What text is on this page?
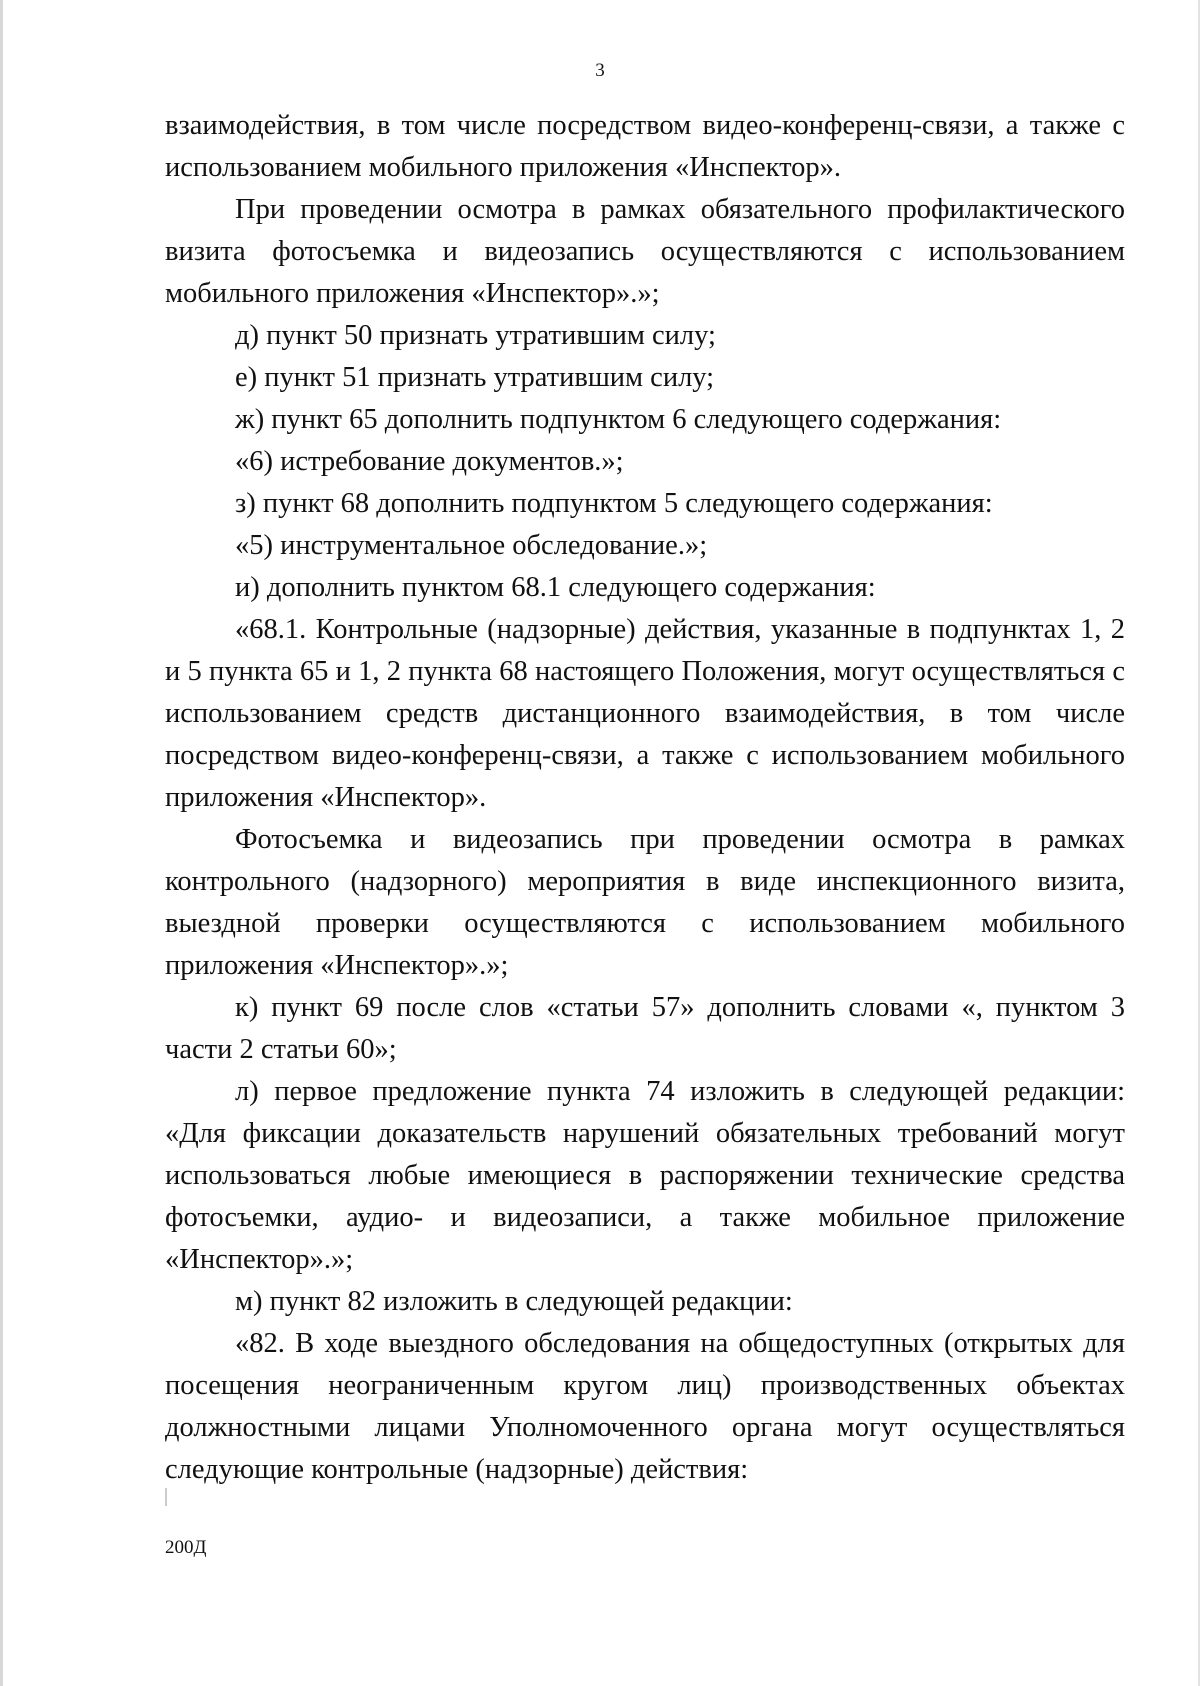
3

взаимодействия, в том числе посредством видео-конференц-связи, а также с использованием мобильного приложения «Инспектор».

При проведении осмотра в рамках обязательного профилактического визита фотосъемка и видеозапись осуществляются с использованием мобильного приложения «Инспектор».»;

д) пункт 50 признать утратившим силу;

е) пункт 51 признать утратившим силу;

ж) пункт 65 дополнить подпунктом 6 следующего содержания:

«6) истребование документов.»;

з) пункт 68 дополнить подпунктом 5 следующего содержания:

«5) инструментальное обследование.»;

и) дополнить пунктом 68.1 следующего содержания:

«68.1. Контрольные (надзорные) действия, указанные в подпунктах 1, 2 и 5 пункта 65 и 1, 2 пункта 68 настоящего Положения, могут осуществляться с использованием средств дистанционного взаимодействия, в том числе посредством видео-конференц-связи, а также с использованием мобильного приложения «Инспектор».

Фотосъемка и видеозапись при проведении осмотра в рамках контрольного (надзорного) мероприятия в виде инспекционного визита, выездной проверки осуществляются с использованием мобильного приложения «Инспектор».»;

к) пункт 69 после слов «статьи 57» дополнить словами «, пунктом 3 части 2 статьи 60»;

л) первое предложение пункта 74 изложить в следующей редакции: «Для фиксации доказательств нарушений обязательных требований могут использоваться любые имеющиеся в распоряжении технические средства фотосъемки, аудио- и видеозаписи, а также мобильное приложение «Инспектор».»;

м) пункт 82 изложить в следующей редакции:

«82. В ходе выездного обследования на общедоступных (открытых для посещения неограниченным кругом лиц) производственных объектах должностными лицами Уполномоченного органа могут осуществляться следующие контрольные (надзорные) действия:

200Д
